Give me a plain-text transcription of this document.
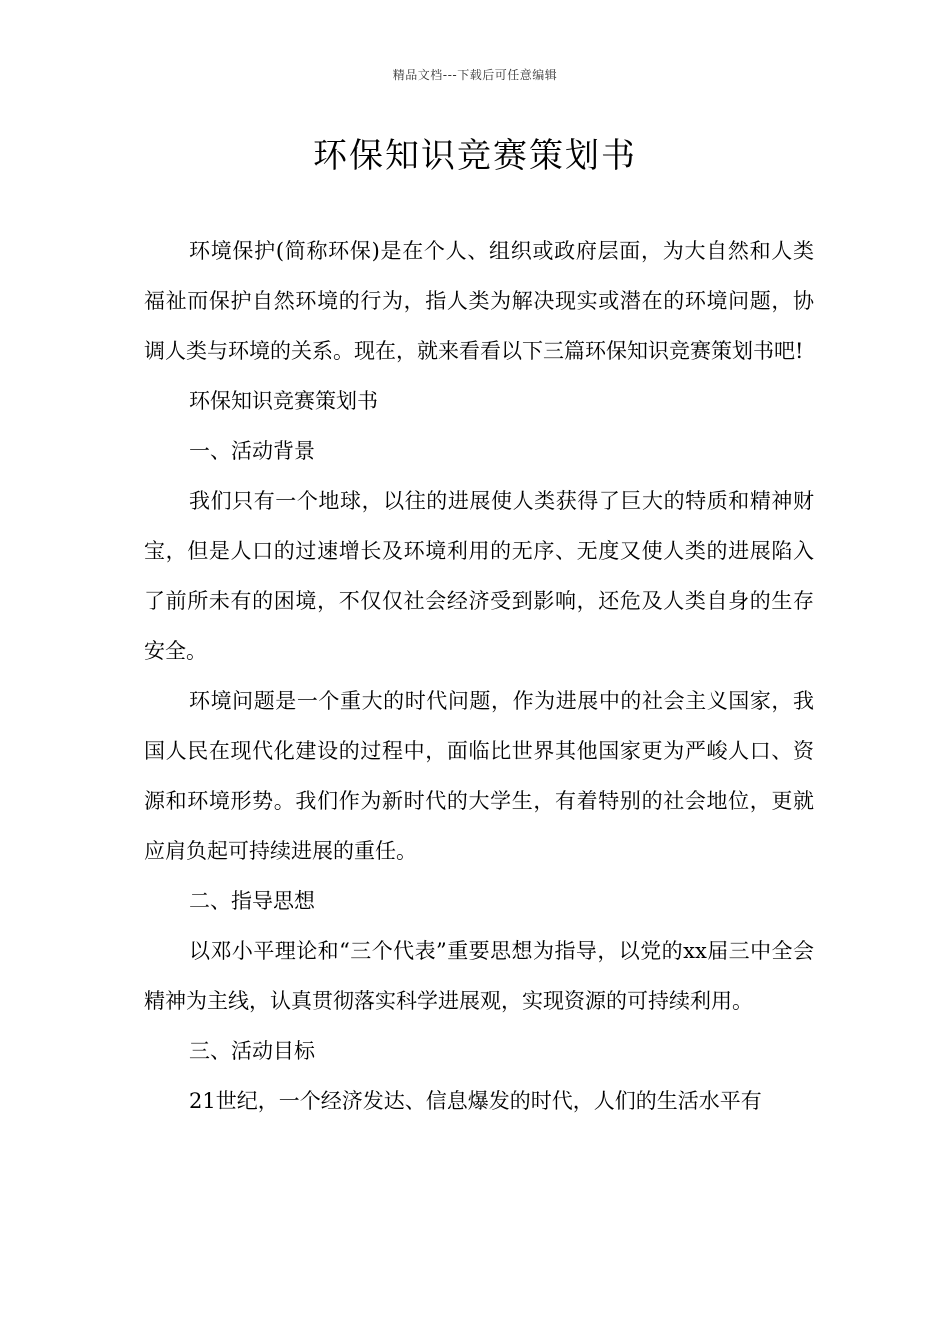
精品文档---下载后可任意编辑
环保知识竞赛策划书

环境保护(简称环保)是在个人、组织或政府层面，为大自然和人类福祉而保护自然环境的行为，指人类为解决现实或潜在的环境问题，协调人类与环境的关系。现在，就来看看以下三篇环保知识竞赛策划书吧!

环保知识竞赛策划书

一、活动背景

我们只有一个地球，以往的进展使人类获得了巨大的特质和精神财宝，但是人口的过速增长及环境利用的无序、无度又使人类的进展陷入了前所未有的困境，不仅仅社会经济受到影响，还危及人类自身的生存安全。

环境问题是一个重大的时代问题，作为进展中的社会主义国家，我国人民在现代化建设的过程中，面临比世界其他国家更为严峻人口、资源和环境形势。我们作为新时代的大学生，有着特别的社会地位，更就应肩负起可持续进展的重任。

二、指导思想

以邓小平理论和“三个代表”重要思想为指导，以党的xx届三中全会精神为主线，认真贯彻落实科学进展观，实现资源的可持续利用。

三、活动目标

21世纪，一个经济发达、信息爆发的时代，人们的生活水平有
